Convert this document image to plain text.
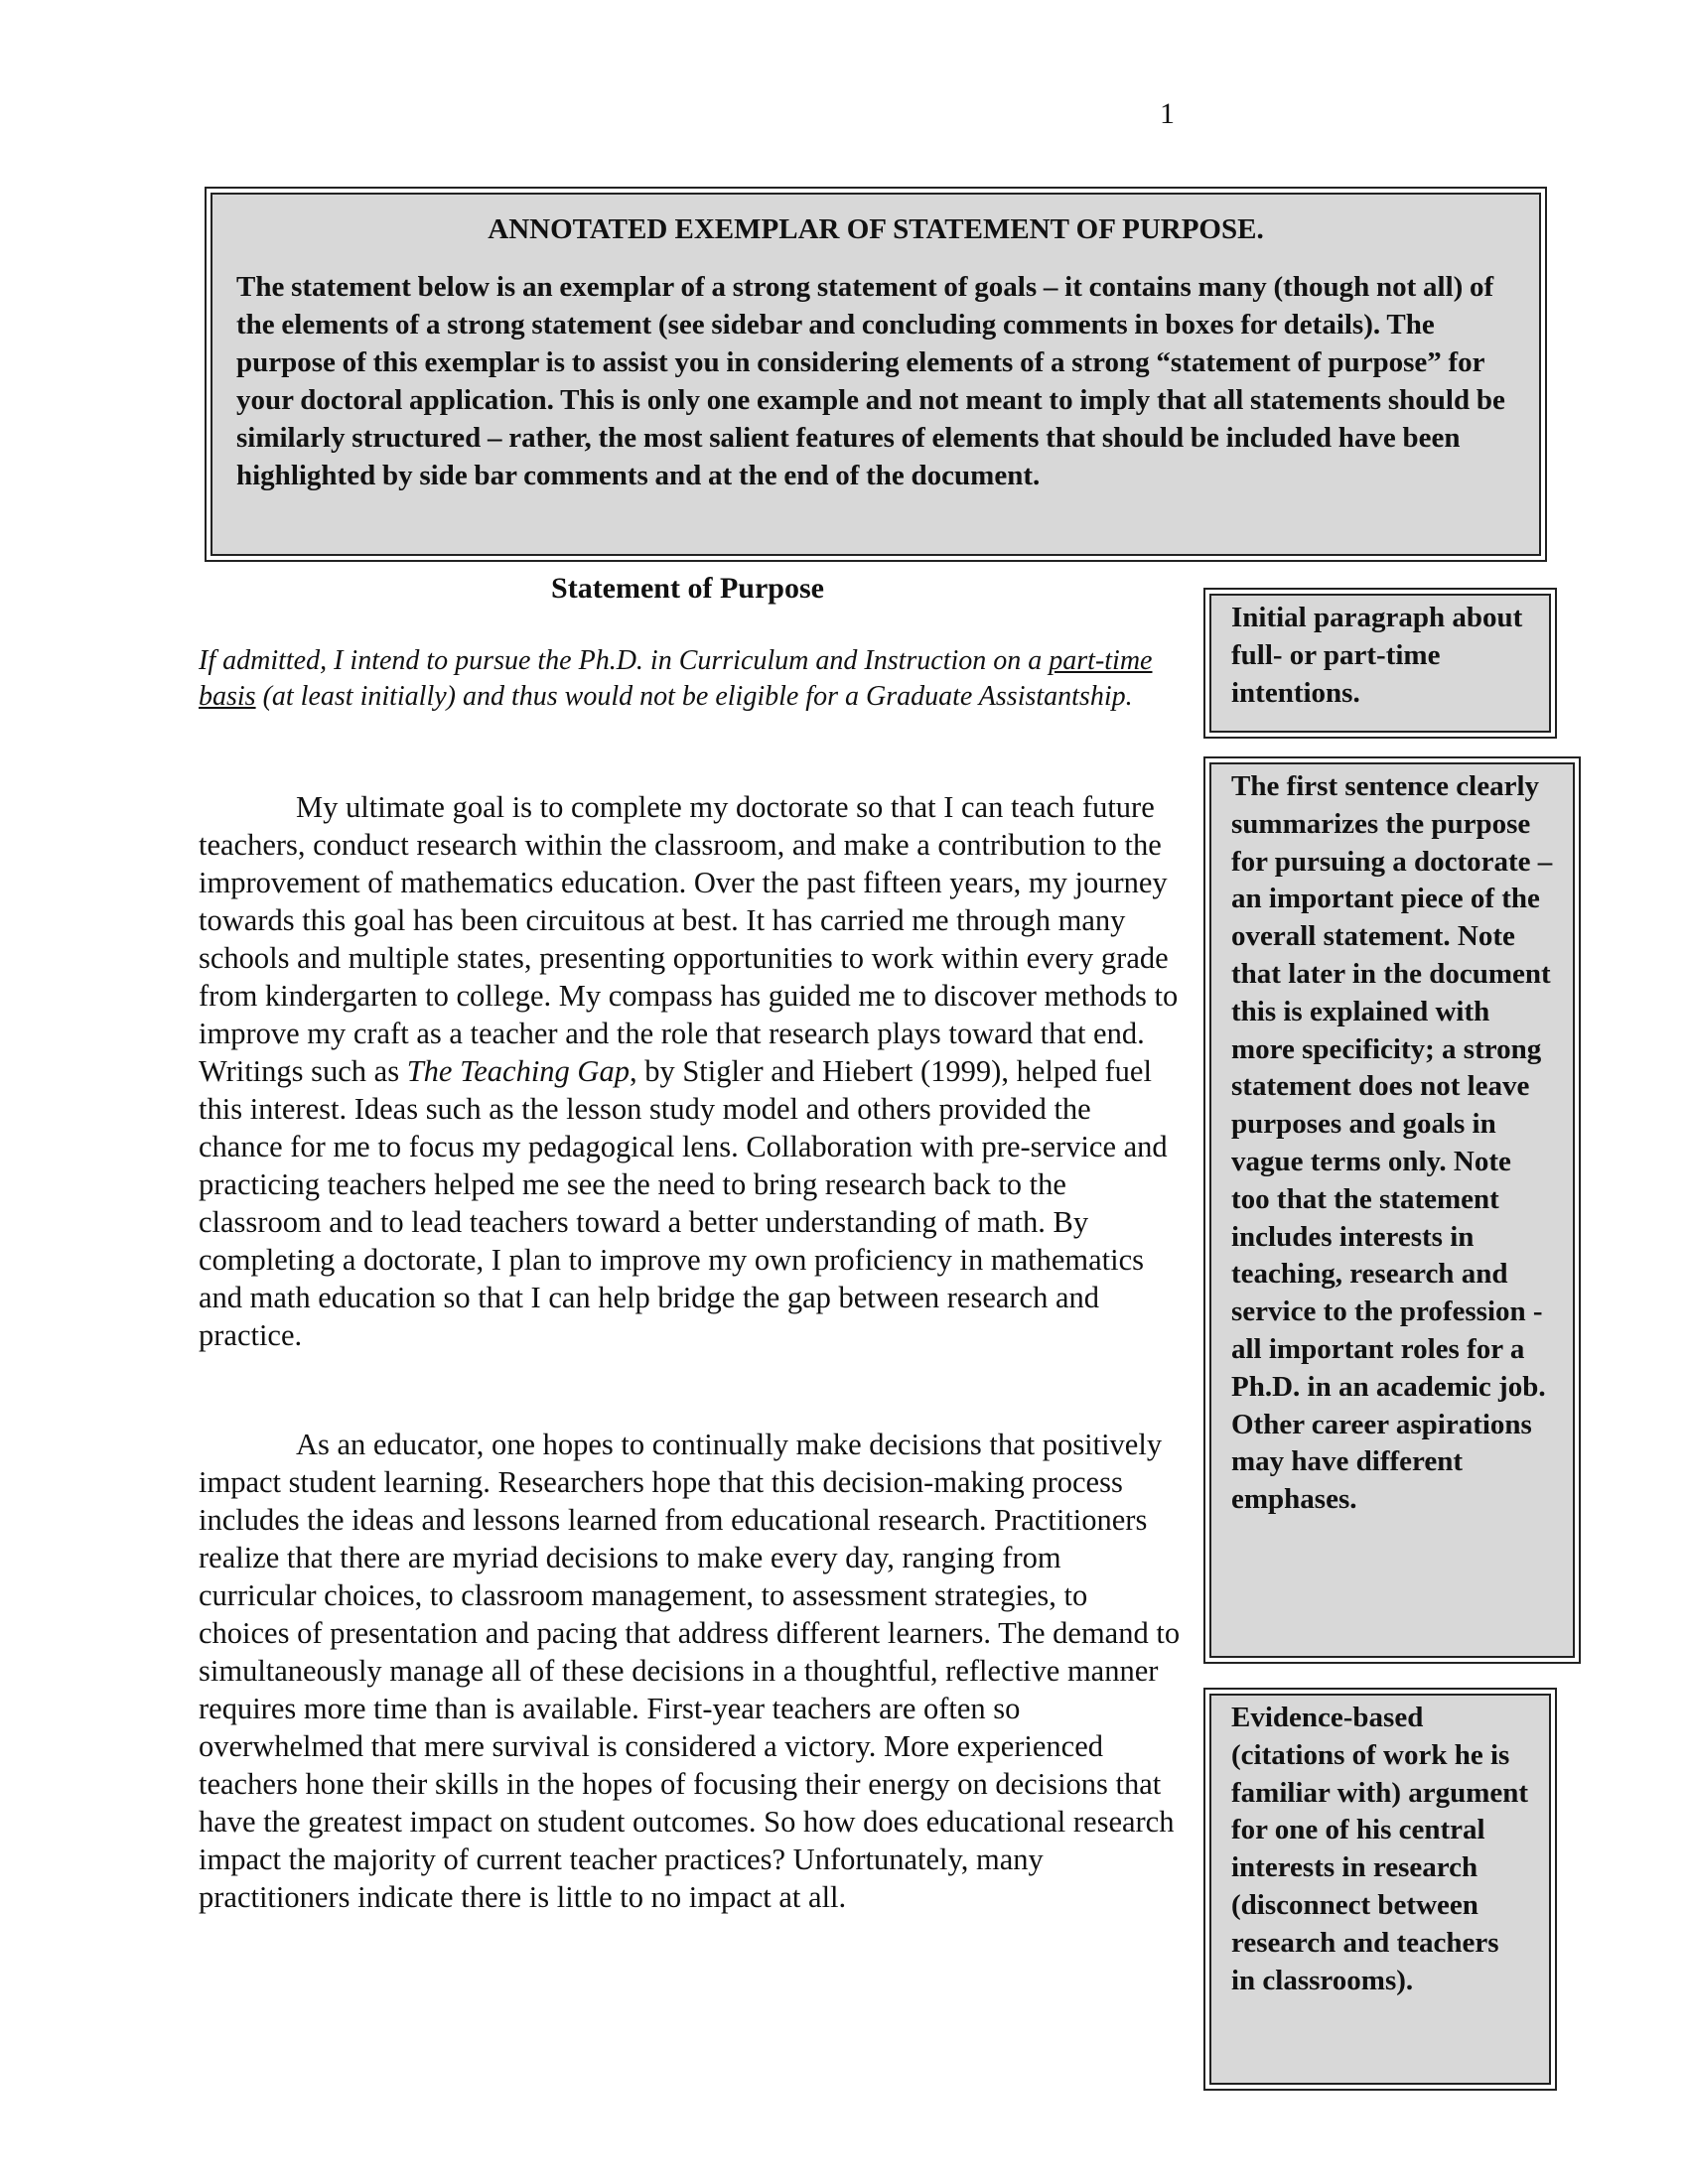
1

ANNOTATED EXEMPLAR OF STATEMENT OF PURPOSE.

The statement below is an exemplar of a strong statement of goals – it contains many (though not all) of the elements of a strong statement (see sidebar and concluding comments in boxes for details). The purpose of this exemplar is to assist you in considering elements of a strong “statement of purpose” for your doctoral application. This is only one example and not meant to imply that all statements should be similarly structured – rather, the most salient features of elements that should be included have been highlighted by side bar comments and at the end of the document.

Statement of Purpose

If admitted, I intend to pursue the Ph.D. in Curriculum and Instruction on a part-time basis (at least initially) and thus would not be eligible for a Graduate Assistantship.

My ultimate goal is to complete my doctorate so that I can teach future teachers, conduct research within the classroom, and make a contribution to the improvement of mathematics education. Over the past fifteen years, my journey towards this goal has been circuitous at best. It has carried me through many schools and multiple states, presenting opportunities to work within every grade from kindergarten to college. My compass has guided me to discover methods to improve my craft as a teacher and the role that research plays toward that end. Writings such as The Teaching Gap, by Stigler and Hiebert (1999), helped fuel this interest. Ideas such as the lesson study model and others provided the chance for me to focus my pedagogical lens. Collaboration with pre-service and practicing teachers helped me see the need to bring research back to the classroom and to lead teachers toward a better understanding of math. By completing a doctorate, I plan to improve my own proficiency in mathematics and math education so that I can help bridge the gap between research and practice.

As an educator, one hopes to continually make decisions that positively impact student learning. Researchers hope that this decision-making process includes the ideas and lessons learned from educational research. Practitioners realize that there are myriad decisions to make every day, ranging from curricular choices, to classroom management, to assessment strategies, to choices of presentation and pacing that address different learners. The demand to simultaneously manage all of these decisions in a thoughtful, reflective manner requires more time than is available. First-year teachers are often so overwhelmed that mere survival is considered a victory. More experienced teachers hone their skills in the hopes of focusing their energy on decisions that have the greatest impact on student outcomes. So how does educational research impact the majority of current teacher practices? Unfortunately, many practitioners indicate there is little to no impact at all.

Initial paragraph about full- or part-time intentions.
The first sentence clearly summarizes the purpose for pursuing a doctorate – an important piece of the overall statement. Note that later in the document this is explained with more specificity; a strong statement does not leave purposes and goals in vague terms only. Note too that the statement includes interests in teaching, research and service to the profession - all important roles for a Ph.D. in an academic job. Other career aspirations may have different emphases.
Evidence-based (citations of work he is familiar with) argument for one of his central interests in research (disconnect between research and teachers in classrooms).
